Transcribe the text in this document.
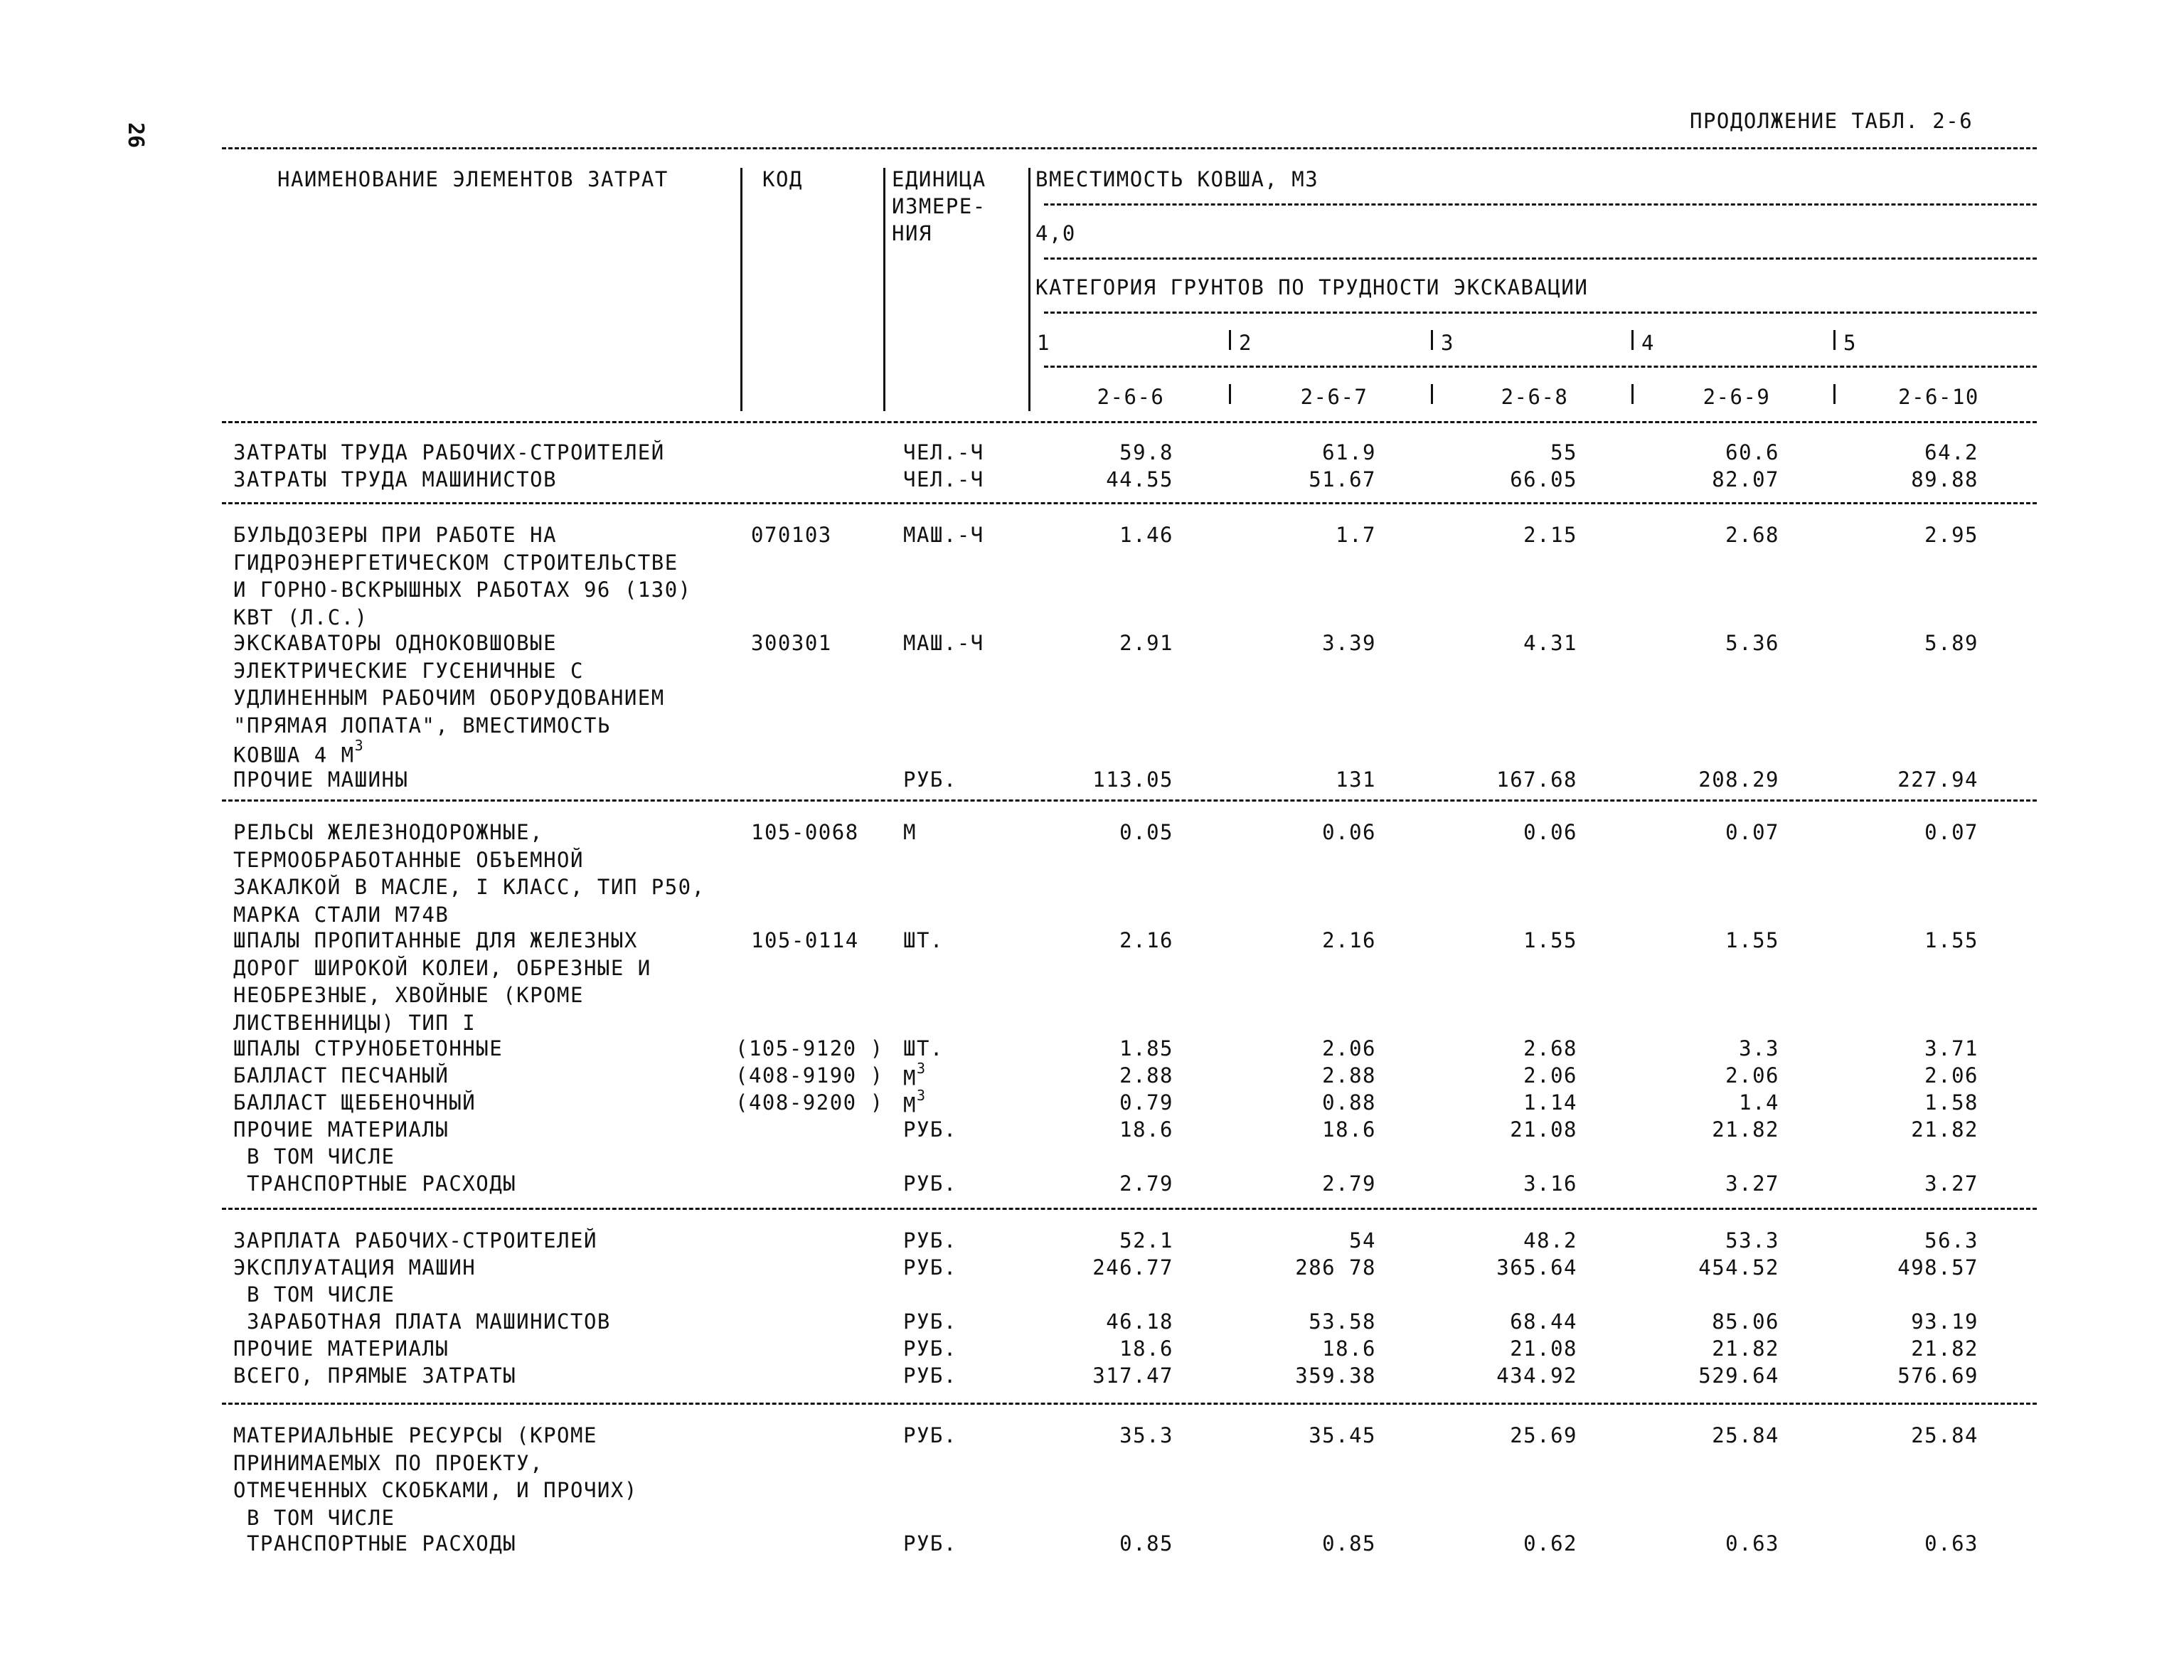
26
ПРОДОЛЖЕНИЕ ТАБЛ. 2-6
НАИМЕНОВАНИЕ ЭЛЕМЕНТОВ ЗАТРАТ	КОД	ЕДИНИЦА
ИЗМЕРЕ-
НИЯ
ВМЕСТИМОСТЬ КОВША, М3
4,0
КАТЕГОРИЯ ГРУНТОВ ПО ТРУДНОСТИ ЭКСКАВАЦИИ
1	2	3	4	5
2-6-6	2-6-7	2-6-8	2-6-9	2-6-10
ЗАТРАТЫ ТРУДА РАБОЧИХ-СТРОИТЕЛЕЙ	ЧЕЛ.-Ч	59.8	61.9	55	60.6	64.2
ЗАТРАТЫ ТРУДА МАШИНИСТОВ	ЧЕЛ.-Ч	44.55	51.67	66.05	82.07	89.88
БУЛЬДОЗЕРЫ ПРИ РАБОТЕ НА
ГИДРОЭНЕРГЕТИЧЕСКОМ СТРОИТЕЛЬСТВЕ
И ГОРНО-ВСКРЫШНЫХ РАБОТАХ 96 (130)
КВТ (Л.С.)
070103	МАШ.-Ч	1.46	1.7	2.15	2.68	2.95
ЭКСКАВАТОРЫ ОДНОКОВШОВЫЕ
ЭЛЕКТРИЧЕСКИЕ ГУСЕНИЧНЫЕ С
УДЛИНЕННЫМ РАБОЧИМ ОБОРУДОВАНИЕМ
"ПРЯМАЯ ЛОПАТА", ВМЕСТИМОСТЬ
КОВША 4 $М^3$
300301	МАШ.-Ч	2.91	3.39	4.31	5.36	5.89
ПРОЧИЕ МАШИНЫ	РУБ.	113.05	131	167.68	208.29	227.94
РЕЛЬСЫ ЖЕЛЕЗНОДОРОЖНЫЕ,
ТЕРМООБРАБОТАННЫЕ ОБЪЕМНОЙ
ЗАКАЛКОЙ В МАСЛЕ, I КЛАСС, ТИП Р50,
МАРКА СТАЛИ М74В
105-0068 М	0.05	0.06	0.06	0.07	0.07
ШПАЛЫ ПРОПИТАННЫЕ ДЛЯ ЖЕЛЕЗНЫХ
ДОРОГ ШИРОКОЙ КОЛЕИ, ОБРЕЗНЫЕ И
НЕОБРЕЗНЫЕ, ХВОЙНЫЕ (КРОМЕ
ЛИСТВЕННИЦЫ) ТИП I
105-0114 ШТ.	2.16	2.16	1.55	1.55	1.55
ШПАЛЫ СТРУНОБЕТОННЫЕ	(105-9120 ) ШТ.	1.85	2.06	2.68	3.3	3.71
БАЛЛАСТ ПЕСЧАНЫЙ	(408-9190 ) $М^3$	2.88	2.88	2.06	2.06	2.06
БАЛЛАСТ ЩЕБЕНОЧНЫЙ	(408-9200 ) $М^3$	0.79	0.88	1.14	1.4	1.58
ПРОЧИЕ МАТЕРИАЛЫ	РУБ.	18.6	18.6	21.08	21.82	21.82
В ТОМ ЧИСЛЕ
ТРАНСПОРТНЫЕ РАСХОДЫ	РУБ.	2.79	2.79	3.16	3.27	3.27
ЗАРПЛАТА РАБОЧИХ-СТРОИТЕЛЕЙ	РУБ.	52.1	54	48.2	53.3	56.3
ЭКСПЛУАТАЦИЯ МАШИН	РУБ.	246.77	286 78	365.64	454.52	498.57
В ТОМ ЧИСЛЕ
ЗАРАБОТНАЯ ПЛАТА МАШИНИСТОВ	РУБ.	46.18	53.58	68.44	85.06	93.19
ПРОЧИЕ МАТЕРИАЛЫ	РУБ.	18.6	18.6	21.08	21.82	21.82
ВСЕГО, ПРЯМЫЕ ЗАТРАТЫ	РУБ.	317.47	359.38	434.92	529.64	576.69
МАТЕРИАЛЬНЫЕ РЕСУРСЫ (КРОМЕ
ПРИНИМАЕМЫХ ПО ПРОЕКТУ,
ОТМЕЧЕННЫХ СКОБКАМИ, И ПРОЧИХ)
В ТОМ ЧИСЛЕ
РУБ.	35.3	35.45	25.69	25.84	25.84
ТРАНСПОРТНЫЕ РАСХОДЫ	РУБ.	0.85	0.85	0.62	0.63	0.63
